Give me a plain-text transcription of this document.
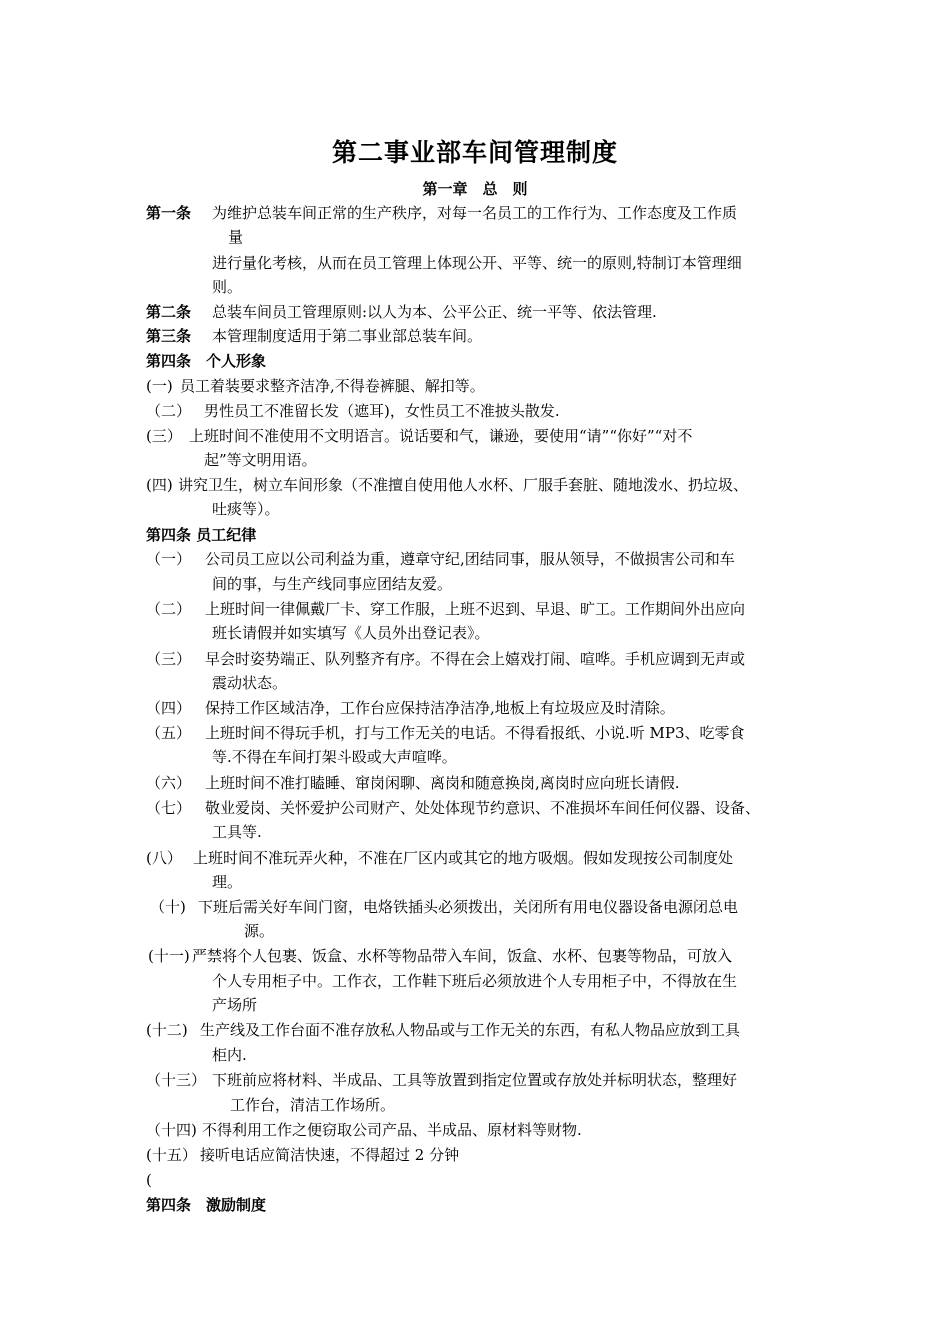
第二事业部车间管理制度
第一章　总　则
第一条 为维护总装车间正常的生产秩序，对每一名员工的工作行为、工作态度及工作质
量
进行量化考核，从而在员工管理上体现公开、平等、统一的原则,特制订本管理细
则。
第二条 总装车间员工管理原则:以人为本、公平公正、统一平等、依法管理.
第三条 本管理制度适用于第二事业部总装车间。
第四条　个人形象
(一) 员工着装要求整齐洁净,不得卷裤腿、解扣等。
（二） 男性员工不准留长发（遮耳)，女性员工不准披头散发.
(三） 上班时间不准使用不文明语言。说话要和气，谦逊，要使用“请”“你好”“对不
起”等文明用语。
(四) 讲究卫生，树立车间形象（不准擅自使用他人水杯、厂服手套脏、随地泼水、扔垃圾、
吐痰等）。
第四条 员工纪律
（一） 公司员工应以公司利益为重，遵章守纪,团结同事，服从领导，不做损害公司和车
间的事，与生产线同事应团结友爱。
（二） 上班时间一律佩戴厂卡、穿工作服，上班不迟到、早退、旷工。工作期间外出应向
班长请假并如实填写《人员外出登记表》。
（三） 早会时姿势端正、队列整齐有序。不得在会上嬉戏打闹、喧哗。手机应调到无声或
震动状态。
（四） 保持工作区域洁净，工作台应保持洁净洁净,地板上有垃圾应及时清除。
（五） 上班时间不得玩手机，打与工作无关的电话。不得看报纸、小说.听 MP3、吃零食
等.不得在车间打架斗殴或大声喧哗。
（六） 上班时间不准打瞌睡、窜岗闲聊、离岗和随意换岗,离岗时应向班长请假.
（七） 敬业爱岗、关怀爱护公司财产、处处体现节约意识、不准损坏车间任何仪器、设备、
工具等.
(八） 上班时间不准玩弄火种，不准在厂区内或其它的地方吸烟。假如发现按公司制度处
理。
（十) 下班后需关好车间门窗，电烙铁插头必须拨出，关闭所有用电仪器设备电源闭总电
源。
(十一) 严禁将个人包裹、饭盒、水杯等物品带入车间，饭盒、水杯、包裹等物品，可放入
个人专用柜子中。工作衣，工作鞋下班后必须放进个人专用柜子中，不得放在生
产场所
(十二) 生产线及工作台面不准存放私人物品或与工作无关的东西，有私人物品应放到工具
柜内.
（十三） 下班前应将材料、半成品、工具等放置到指定位置或存放处并标明状态，整理好
工作台，清洁工作场所。
（十四) 不得利用工作之便窃取公司产品、半成品、原材料等财物.
(十五） 接听电话应简洁快速，不得超过 2 分钟
(
第四条　激励制度
